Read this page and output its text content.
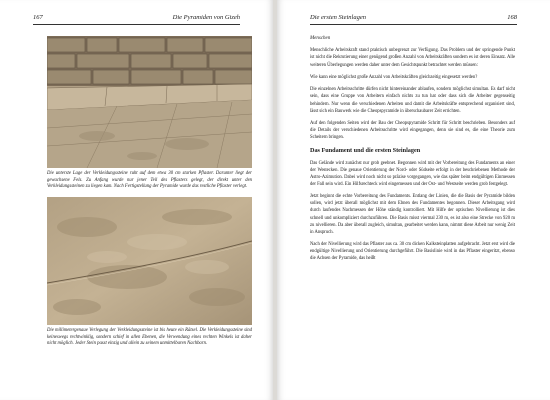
167	Die Pyramiden von Gizeh
Die unterste Lage der Verkleidungssteine ruht auf dem etwa 30 cm starken Pflaster. Darunter liegt der gewachsene Fels. Zu Anfang wurde nur jener Teil des Pflasters gelegt, der direkt unter den Verkleidungssteinen zu liegen kam. Nach Fertigstellung der Pyramide wurde das restliche Pflaster verlegt.
Die millimetergenaue Verlegung der Verkleidungssteine ist bis heute ein Rätsel. Die Verkleidungssteine sind keineswegs rechtwinklig, sondern schief in allen Ebenen, die Verwendung eines rechten Winkels ist daher nicht möglich. Jeder Stein passt einzig und allein zu seinem unmittelbaren Nachbarn.
Die ersten Steinlagen	168
Menschen

Menschliche Arbeitskraft stand praktisch unbegrenzt zur Verfügung. Das Problem und der springende Punkt ist nicht die Rekrutierung einer genügend großen Anzahl von Arbeitskräften sondern es ist deren Einsatz. Alle weiteren Überlegungen werden daher unter dem Gesichtspunkt betrachtet werden müssen:

Wie kann eine möglichst große Anzahl von Arbeitskräften gleichzeitig eingesetzt werden?

Die einzelnen Arbeitsschritte dürfen nicht hintereinander ablaufen, sondern möglichst simultan. Es darf nicht sein, dass eine Gruppe von Arbeitern einfach nichts zu tun hat oder dass sich die Arbeiter gegenseitig behindern. Nur wenn die verschiedenen Arbeiten und damit die Arbeitskräfte entsprechend organisiert sind, lässt sich ein Bauwerk wie die Cheopspyramide in überschaubarer Zeit errichten.

Auf den folgenden Seiten wird der Bau der Cheopspyramide Schritt für Schritt beschrieben. Besonders auf die Details der verschiedenen Arbeitsschritte wird eingegangen, denn sie sind es, die eine Theorie zum Scheitern bringen.

Das Fundament und die ersten Steinlagen

Das Gelände wird zunächst nur grob geebnet. Begonnen wird mit der Vorbereitung des Fundaments an einer der Westecken. Die genaue Orientierung der Nord- oder Südseite erfolgt in der beschriebenen Methode der Astro-Azimution. Dabei wird noch nicht so präzise vorgegangen, wie das später beim endgültigen Einmessen der Fall sein wird. Ein Hilfsrechteck wird eingemessen und der Ost- und Westseite werden grob festgelegt.

Jetzt beginnt die echte Vorbereitung des Fundaments. Entlang der Linien, die die Basis der Pyramide bilden sollen, wird jetzt überall möglichst mit dem Ebnen des Fundamentes begonnen. Dieser Arbeitsgang wird durch laufendes Nachmessen der Höhe ständig kontrolliert. Mit Hilfe der optischen Nivellierung ist dies schnell und unkompliziert durchzuführen. Die Basis misst viermal 230 m, es ist also eine Strecke von 920 m zu nivellieren. Da aber überall zugleich, simultan, gearbeitet werden kann, nimmt diese Arbeit nur wenig Zeit in Anspruch.

Nach der Nivellierung wird das Pflaster aus ca. 30 cm dicken Kalksteinplatten aufgebracht. Jetzt erst wird die endgültige Nivellierung und Orientierung durchgeführt. Die Basislinie wird in das Pflaster eingeritzt, ebenso die Achsen der Pyramide, das heißt
